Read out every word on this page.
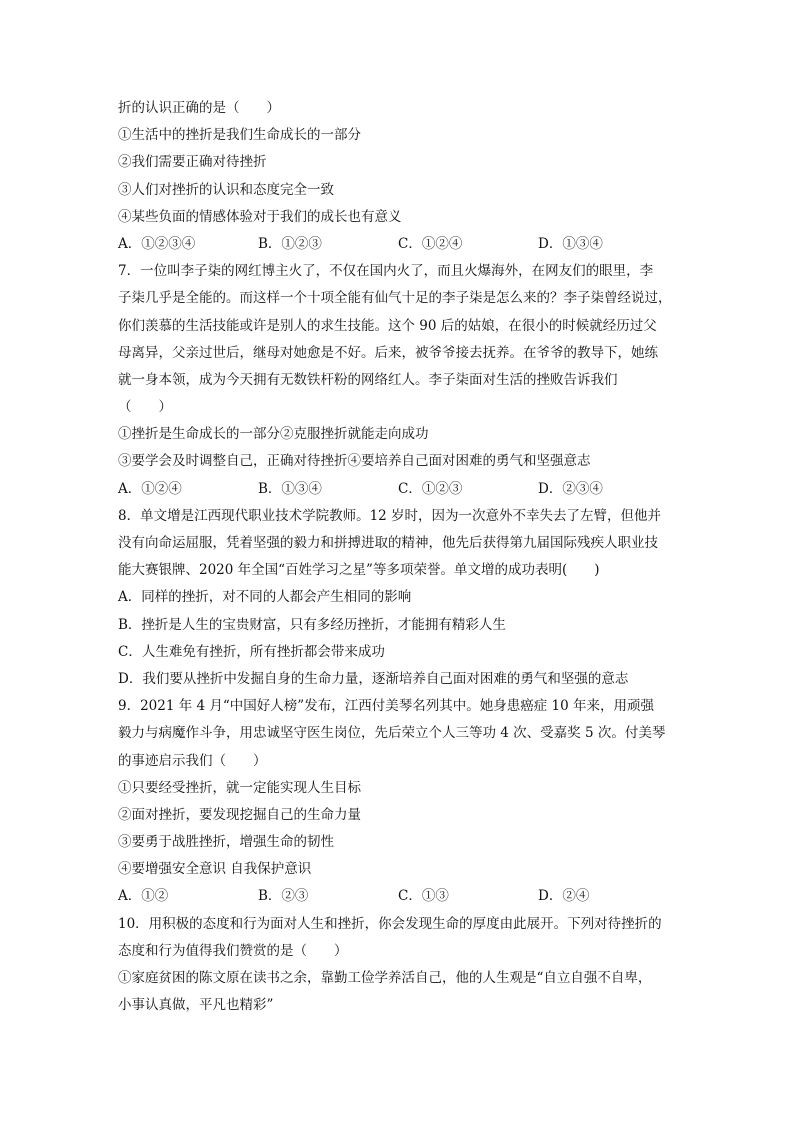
折的认识正确的是（　　）
①生活中的挫折是我们生命成长的一部分
②我们需要正确对待挫折
③人们对挫折的认识和态度完全一致
④某些负面的情感体验对于我们的成长也有意义
A．①②③④	B．①②③	C．①②④	D．①③④
7．一位叫李子柒的网红博主火了，不仅在国内火了，而且火爆海外，在网友们的眼里，李
子柒几乎是全能的。而这样一个十项全能有仙气十足的李子柒是怎么来的？李子柒曾经说过，
你们羡慕的生活技能或许是别人的求生技能。这个 90 后的姑娘，在很小的时候就经历过父
母离异，父亲过世后，继母对她愈是不好。后来，被爷爷接去抚养。在爷爷的教导下，她练
就一身本领，成为今天拥有无数铁杆粉的网络红人。李子柒面对生活的挫败告诉我们
（　　）
①挫折是生命成长的一部分②克服挫折就能走向成功
③要学会及时调整自己，正确对待挫折④要培养自己面对困难的勇气和坚强意志
A．①②④	B．①③④	C．①②③	D．②③④
8．单文增是江西现代职业技术学院教师。12 岁时，因为一次意外不幸失去了左臂，但他并
没有向命运屈服，凭着坚强的毅力和拼搏进取的精神，他先后获得第九届国际残疾人职业技
能大赛银牌、2020 年全国“百姓学习之星”等多项荣誉。单文增的成功表明(　　)
A．同样的挫折，对不同的人都会产生相同的影响
B．挫折是人生的宝贵财富，只有多经历挫折，才能拥有精彩人生
C．人生难免有挫折，所有挫折都会带来成功
D．我们要从挫折中发掘自身的生命力量，逐渐培养自己面对困难的勇气和坚强的意志
9．2021 年 4 月“中国好人榜”发布，江西付美琴名列其中。她身患癌症 10 年来，用顽强
毅力与病魔作斗争，用忠诚坚守医生岗位，先后荣立个人三等功 4 次、受嘉奖 5 次。付美琴
的事迹启示我们（　　）
①只要经受挫折，就一定能实现人生目标
②面对挫折，要发现挖掘自己的生命力量
③要勇于战胜挫折，增强生命的韧性
④要增强安全意识 自我保护意识
A．①②	B．②③	C．①③	D．②④
10．用积极的态度和行为面对人生和挫折，你会发现生命的厚度由此展开。下列对待挫折的
态度和行为值得我们赞赏的是（　　）
①家庭贫困的陈文原在读书之余，靠勤工俭学养活自己，他的人生观是“自立自强不自卑，
小事认真做，平凡也精彩”
